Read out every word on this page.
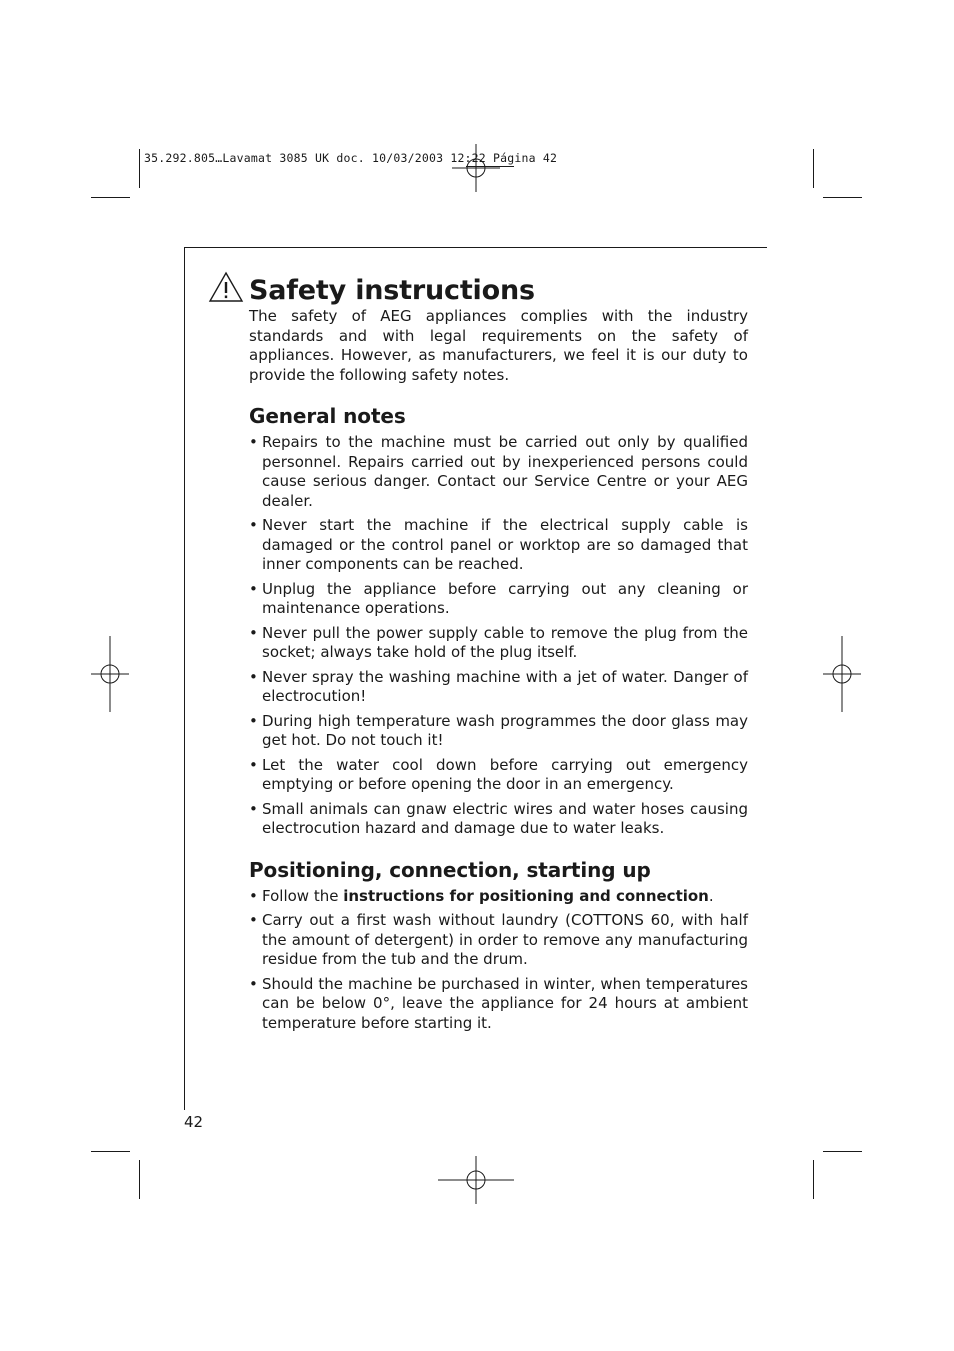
35.292.805…Lavamat 3085 UK doc. 10/03/2003 12:22 Página 42
Safety instructions

The safety of AEG appliances complies with the industry standards and with legal requirements on the safety of appliances. However, as manufacturers, we feel it is our duty to provide the following safety notes.

General notes
• Repairs to the machine must be carried out only by qualified personnel. Repairs carried out by inexperienced persons could cause serious danger. Contact our Service Centre or your AEG dealer.
• Never start the machine if the electrical supply cable is damaged or the control panel or worktop are so damaged that inner components can be reached.
• Unplug the appliance before carrying out any cleaning or maintenance operations.
• Never pull the power supply cable to remove the plug from the socket; always take hold of the plug itself.
• Never spray the washing machine with a jet of water. Danger of electrocution!
• During high temperature wash programmes the door glass may get hot. Do not touch it!
• Let the water cool down before carrying out emergency emptying or before opening the door in an emergency.
• Small animals can gnaw electric wires and water hoses causing electrocution hazard and damage due to water leaks.
Positioning, connection, starting up
• Follow the instructions for positioning and connection.
• Carry out a first wash without laundry (COTTONS 60, with half the amount of detergent) in order to remove any manufacturing residue from the tub and the drum.
• Should the machine be purchased in winter, when temperatures can be below 0°, leave the appliance for 24 hours at ambient temperature before starting it.
42
